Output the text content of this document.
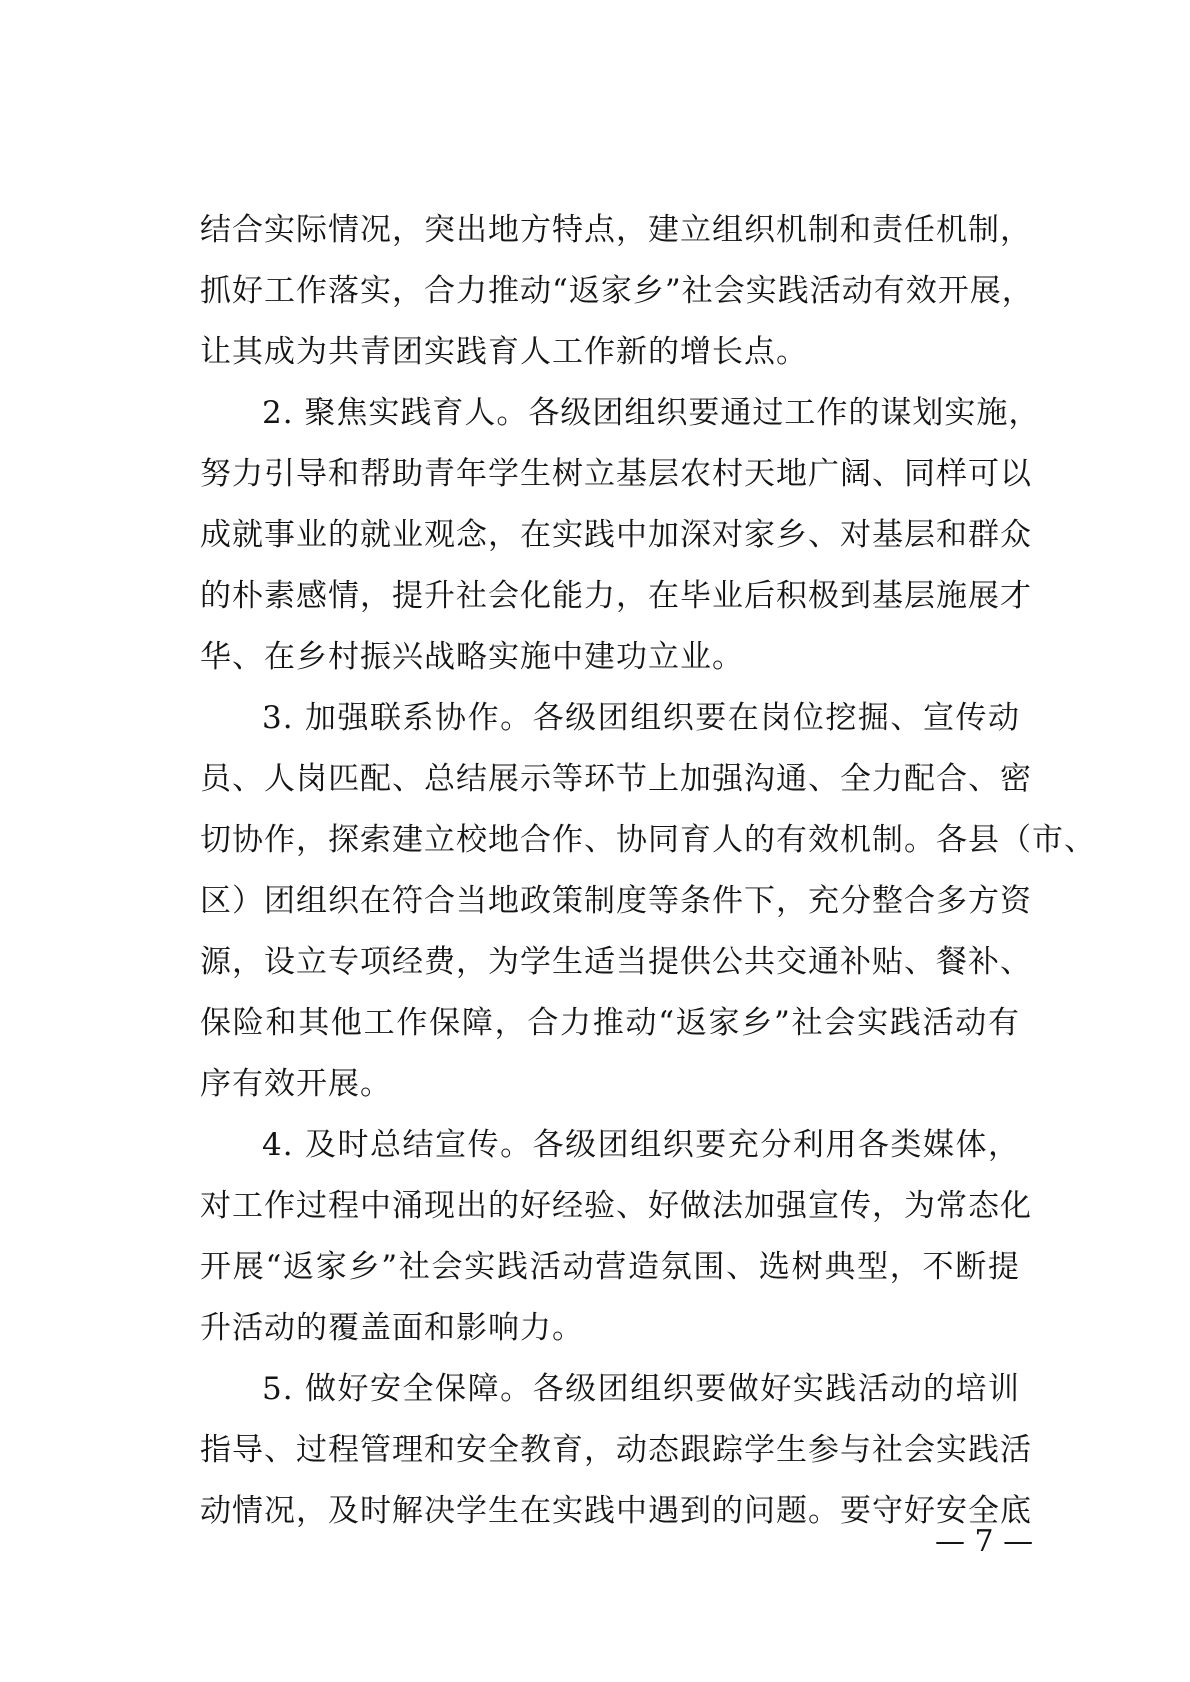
结合实际情况，突出地方特点，建立组织机制和责任机制，
抓好工作落实，合力推动“返家乡”社会实践活动有效开展，
让其成为共青团实践育人工作新的增长点。
2. 聚焦实践育人。各级团组织要通过工作的谋划实施，
努力引导和帮助青年学生树立基层农村天地广阔、同样可以
成就事业的就业观念，在实践中加深对家乡、对基层和群众
的朴素感情，提升社会化能力，在毕业后积极到基层施展才
华、在乡村振兴战略实施中建功立业。
3. 加强联系协作。各级团组织要在岗位挖掘、宣传动
员、人岗匹配、总结展示等环节上加强沟通、全力配合、密
切协作，探索建立校地合作、协同育人的有效机制。各县（市、
区）团组织在符合当地政策制度等条件下，充分整合多方资
源，设立专项经费，为学生适当提供公共交通补贴、餐补、
保险和其他工作保障，合力推动“返家乡”社会实践活动有
序有效开展。
4. 及时总结宣传。各级团组织要充分利用各类媒体，
对工作过程中涌现出的好经验、好做法加强宣传，为常态化
开展“返家乡”社会实践活动营造氛围、选树典型，不断提
升活动的覆盖面和影响力。
5. 做好安全保障。各级团组织要做好实践活动的培训
指导、过程管理和安全教育，动态跟踪学生参与社会实践活
动情况，及时解决学生在实践中遇到的问题。要守好安全底
— 7 —
